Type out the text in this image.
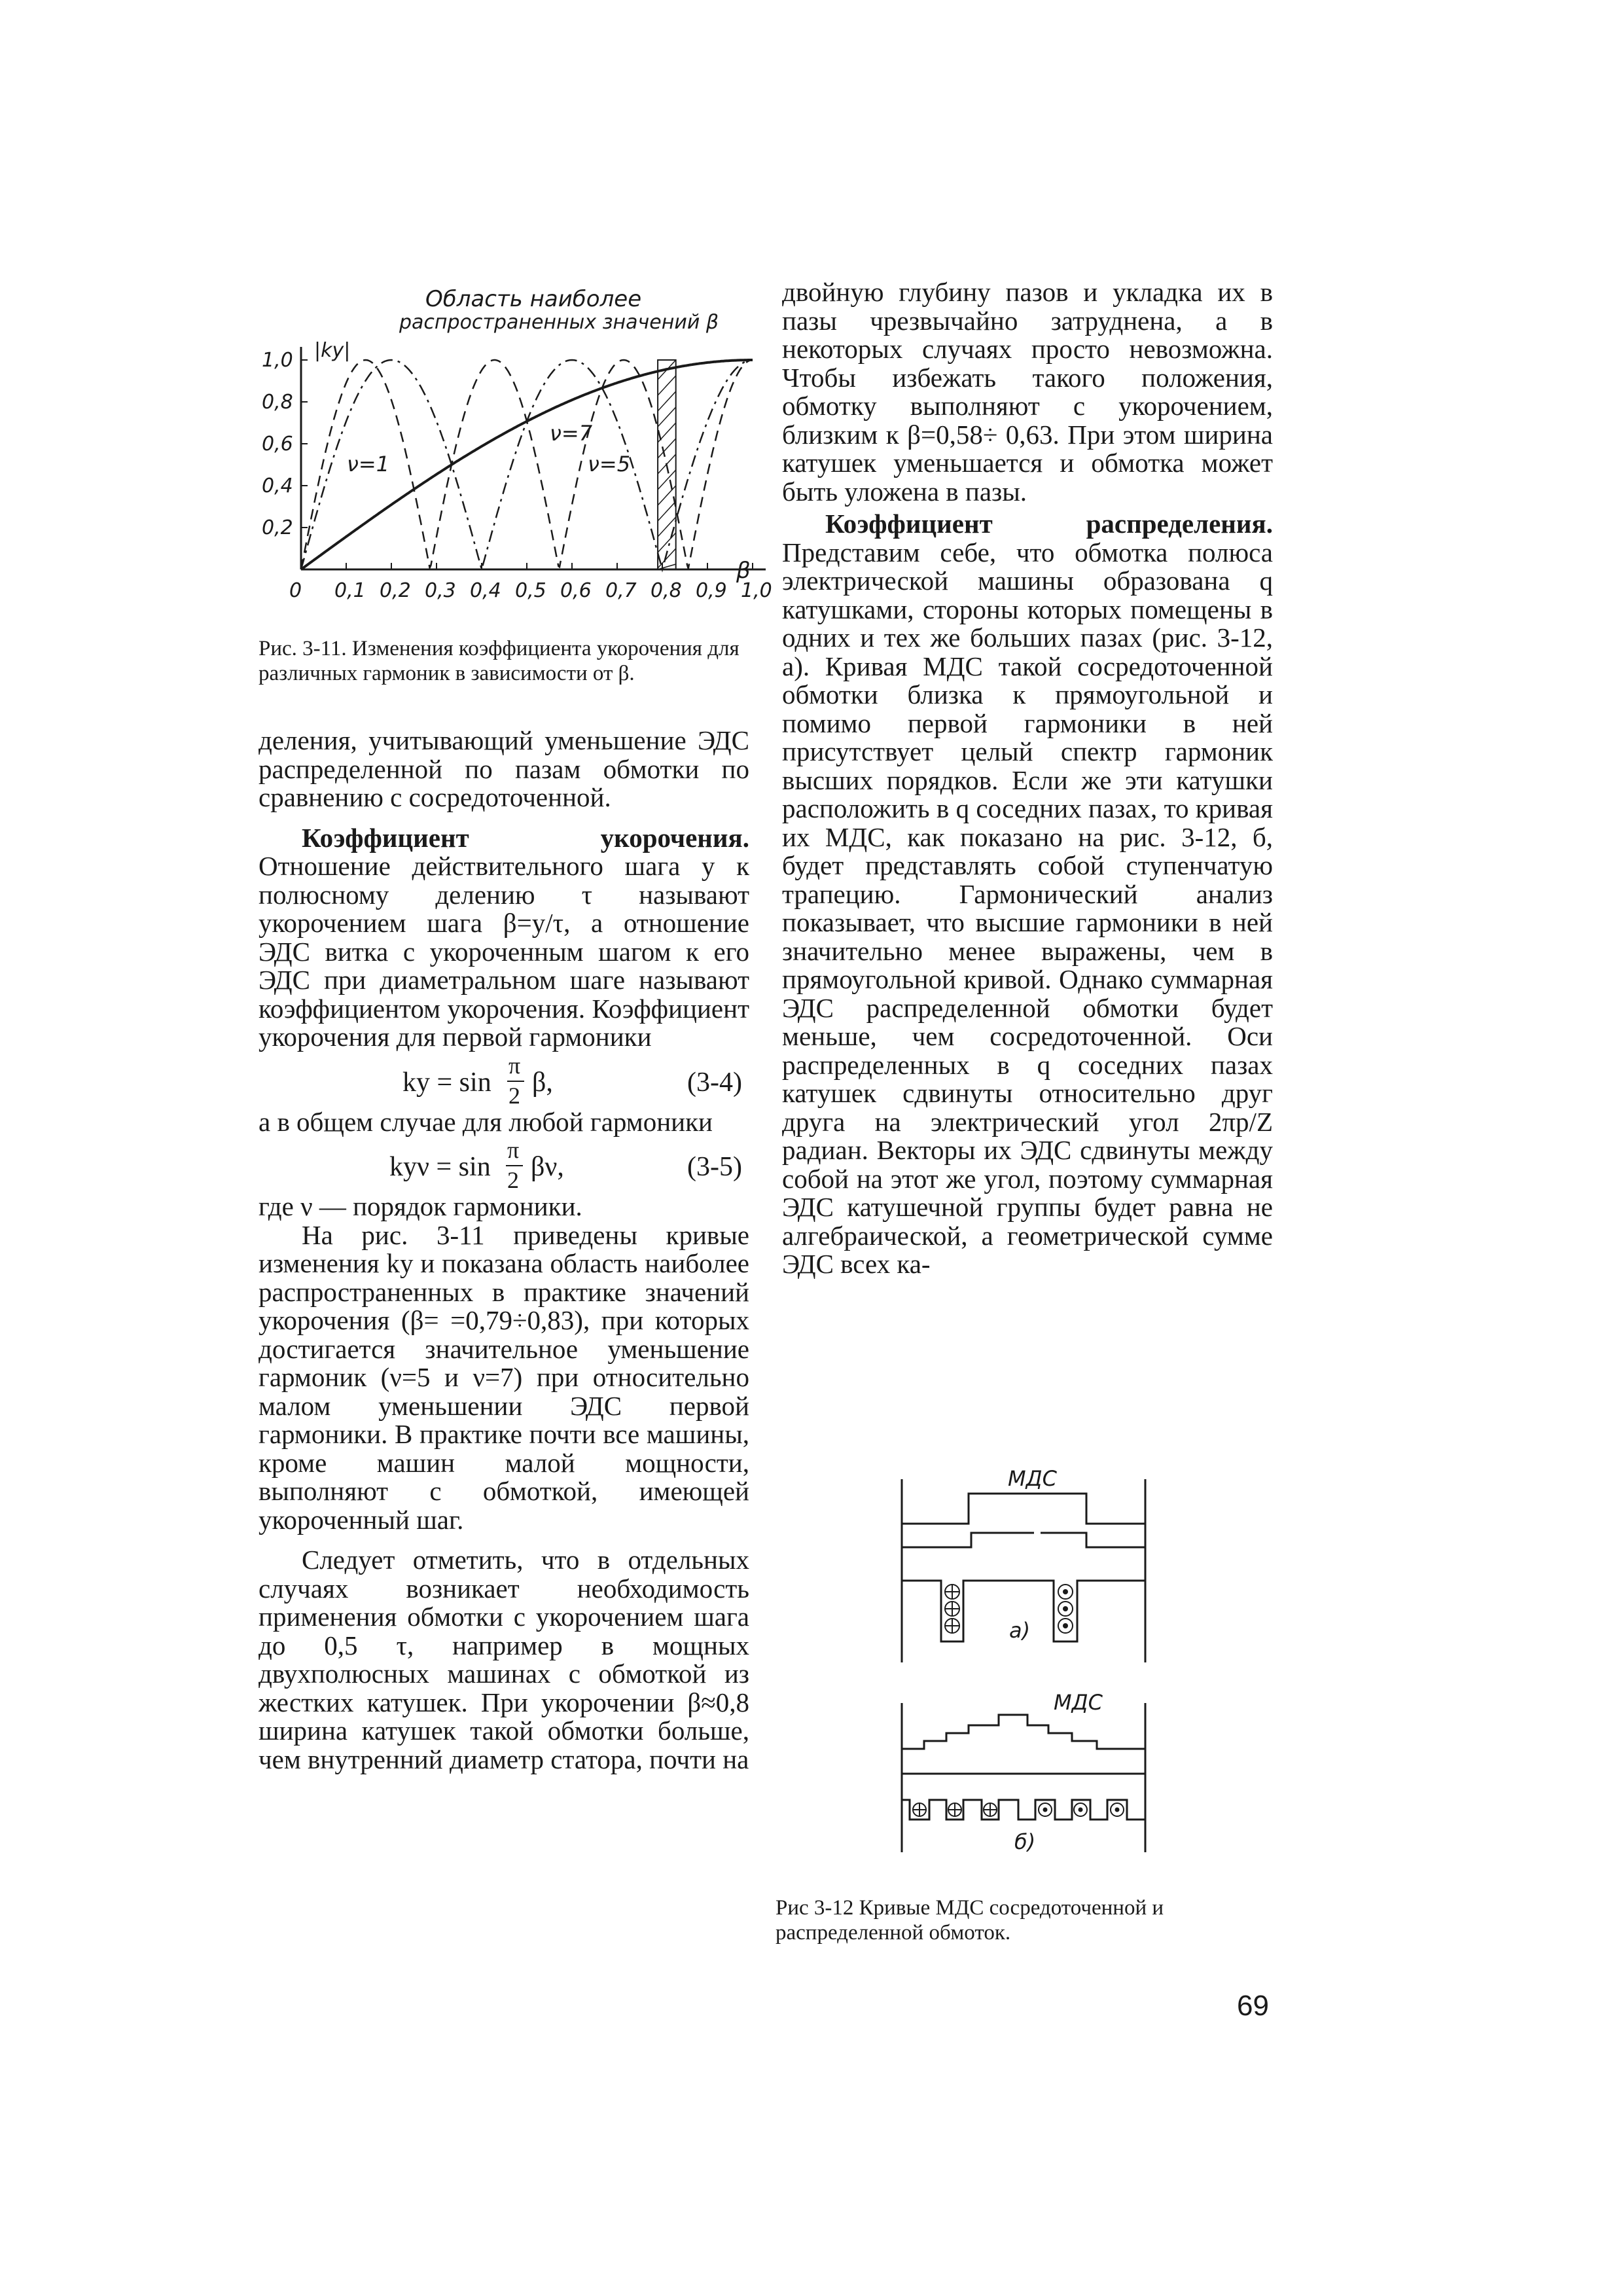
0 0,1 0,2 0,3 0,4 0,5 0,6 0,7 0,8 0,9 1,0
0,2
0,4
0,6
0,8
1,0
Область наиболее
распространенных значений β
|kу|
β
ν=1
ν=7
ν=5
Рис. 3-11. Изменения коэффициента укорочения для различных гармоник в зависимости от β.

деления, учитывающий уменьшение ЭДС распределенной по пазам обмотки по сравнению с сосредоточенной.

Коэффициент укорочения. Отношение действительного шага y к полюсному делению τ называют укорочением шага β=y/τ, а отношение ЭДС витка с укороченным шагом к его ЭДС при диаметральном шаге называют коэффициентом укорочения. Коэффициент укорочения для первой гармоники

kу = sin
π
2 β,	(3-4)

а в общем случае для любой гармоники

kуν = sin
π
2 βν,	(3-5)

где ν — порядок гармоники.

На рис. 3-11 приведены кривые изменения kу и показана область наиболее распространенных в практике значений укорочения (β= =0,79÷0,83), при которых достигается значительное уменьшение гармоник (ν=5 и ν=7) при относительно малом уменьшении ЭДС первой гармоники. В практике почти все машины, кроме машин малой мощности, выполняют с обмоткой, имеющей укороченный шаг.

Следует отметить, что в отдельных случаях возникает необходимость применения обмотки с укорочением шага до 0,5 τ, например в мощных двухполюсных машинах с обмоткой из жестких катушек. При укорочении β≈0,8 ширина катушек такой обмотки больше, чем внутренний диаметр статора, почти на

двойную глубину пазов и укладка их в пазы чрезвычайно затруднена, а в некоторых случаях просто невозможна. Чтобы избежать такого положения, обмотку выполняют с укорочением, близким к β=0,58÷ 0,63. При этом ширина катушек уменьшается и обмотка может быть уложена в пазы.

Коэффициент распределения. Представим себе, что обмотка полюса электрической машины образована q катушками, стороны которых помещены в одних и тех же больших пазах (рис. 3-12, а). Кривая МДС такой сосредоточенной обмотки близка к прямоугольной и помимо первой гармоники в ней присутствует целый спектр гармоник высших порядков. Если же эти катушки расположить в q соседних пазах, то кривая их МДС, как показано на рис. 3-12, б, будет представлять собой ступенчатую трапецию. Гармонический анализ показывает, что высшие гармоники в ней значительно менее выражены, чем в прямоугольной кривой. Однако суммарная ЭДС распределенной обмотки будет меньше, чем сосредоточенной. Оси распределенных в q соседних пазах катушек сдвинуты относительно друг друга на электрический угол 2πp/Z радиан. Векторы их ЭДС сдвинуты между собой на этот же угол, поэтому суммарная ЭДС катушечной группы будет равна не алгебраической, а геометрической сумме ЭДС всех ка-

МДС
а)
МДС
б)
Рис 3-12 Кривые МДС сосредоточенной и распределенной обмоток.
69
